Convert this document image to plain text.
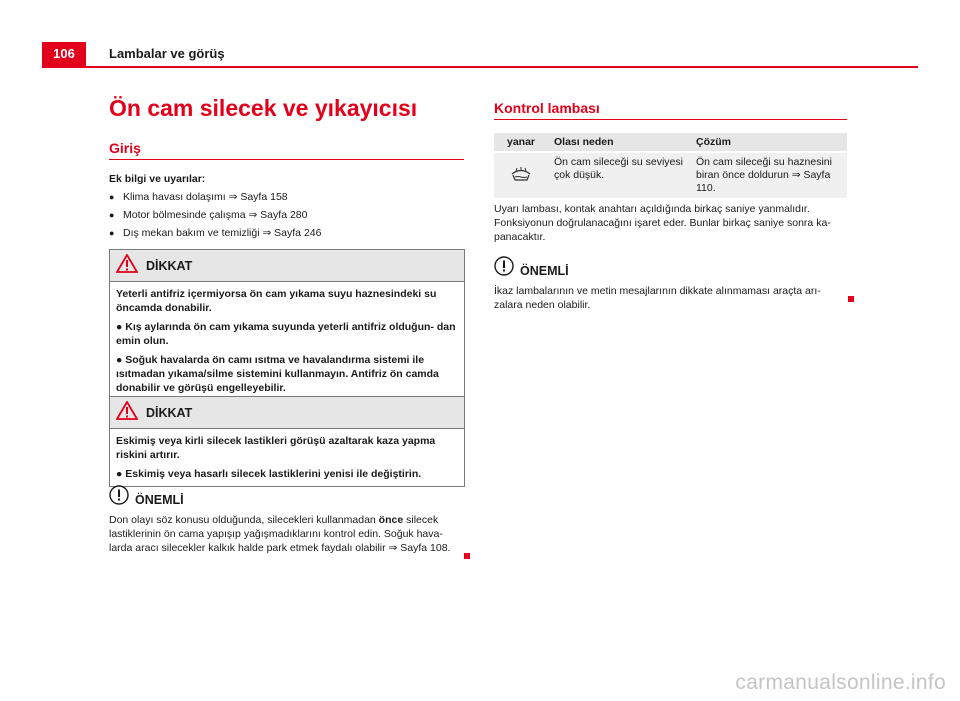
106	Lambalar ve görüş
Ön cam silecek ve yıkayıcısı
Giriş

Ek bilgi ve uyarılar:

● Klima havası dolaşımı ⇒ Sayfa 158
● Motor bölmesinde çalışma ⇒ Sayfa 280
● Dış mekan bakım ve temizliği ⇒ Sayfa 246
DİKKAT

Yeterli antifriz içermiyorsa ön cam yıkama suyu haznesindeki su öncamda donabilir.

● Kış aylarında ön cam yıkama suyunda yeterli antifriz olduğun- dan emin olun.

● Soğuk havalarda ön camı ısıtma ve havalandırma sistemi ile ısıtmadan yıkama/silme sistemini kullanmayın. Antifriz ön camda donabilir ve görüşü engelleyebilir.

DİKKAT

Eskimiş veya kirli silecek lastikleri görüşü azaltarak kaza yapma riskini artırır.

● Eskimiş veya hasarlı silecek lastiklerini yenisi ile değiştirin.

ÖNEMLİ

Don olayı söz konusu olduğunda, silecekleri kullanmadan önce silecek lastiklerinin ön cama yapışıp yağışmadıklarını kontrol edin. Soğuk hava- larda aracı silecekler kalkık halde park etmek faydalı olabilir ⇒ Sayfa 108.

Kontrol lambası
yanar	Olası neden	Çözüm
	Ön cam sileceği su seviyesi çok düşük.	Ön cam sileceği su haznesini biran önce doldurun ⇒ Sayfa 110.

Uyarı lambası, kontak anahtarı açıldığında birkaç saniye yanmalıdır. Fonksiyonun doğrulanacağını işaret eder. Bunlar birkaç saniye sonra ka- panacaktır.

ÖNEMLİ

İkaz lambalarının ve metin mesajlarının dikkate alınmaması araçta arı- zalara neden olabilir.

carmanualsonline.info
